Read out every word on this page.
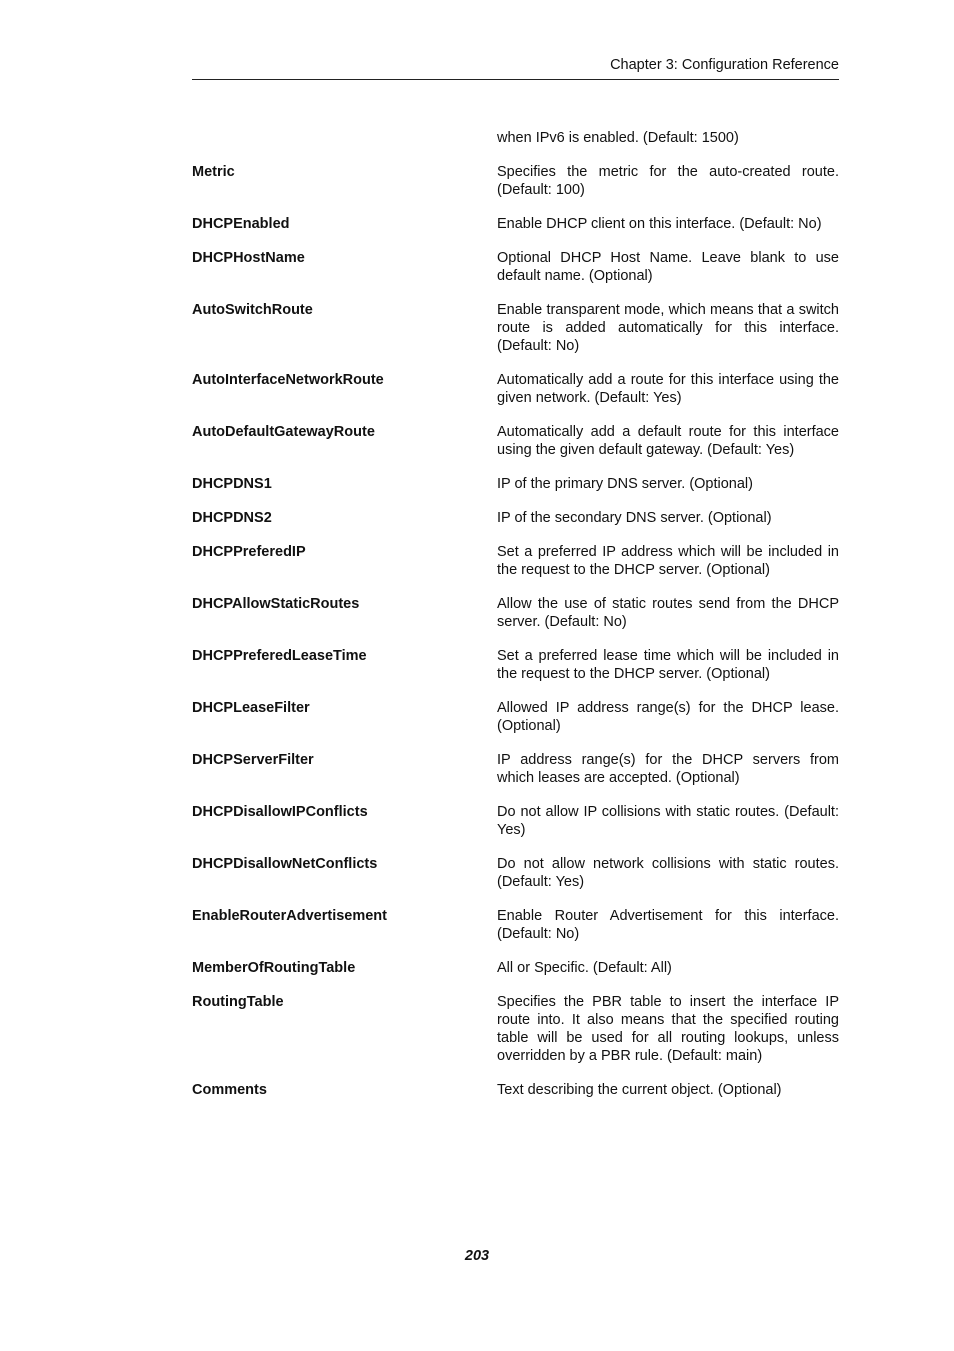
Chapter 3: Configuration Reference
when IPv6 is enabled. (Default: 1500)
Metric	Specifies the metric for the auto-created route. (Default: 100)
DHCPEnabled	Enable DHCP client on this interface. (Default: No)
DHCPHostName	Optional DHCP Host Name. Leave blank to use default name. (Optional)
AutoSwitchRoute	Enable transparent mode, which means that a switch route is added automatically for this interface. (Default: No)
AutoInterfaceNetworkRoute	Automatically add a route for this interface using the given network. (Default: Yes)
AutoDefaultGatewayRoute	Automatically add a default route for this interface using the given default gateway. (Default: Yes)
DHCPDNS1	IP of the primary DNS server. (Optional)
DHCPDNS2	IP of the secondary DNS server. (Optional)
DHCPPreferedIP	Set a preferred IP address which will be included in the request to the DHCP server. (Optional)
DHCPAllowStaticRoutes	Allow the use of static routes send from the DHCP server. (Default: No)
DHCPPreferedLeaseTime	Set a preferred lease time which will be included in the request to the DHCP server. (Optional)
DHCPLeaseFilter	Allowed IP address range(s) for the DHCP lease. (Optional)
DHCPServerFilter	IP address range(s) for the DHCP servers from which leases are accepted. (Optional)
DHCPDisallowIPConflicts	Do not allow IP collisions with static routes. (Default: Yes)
DHCPDisallowNetConflicts	Do not allow network collisions with static routes. (Default: Yes)
EnableRouterAdvertisement	Enable Router Advertisement for this interface. (Default: No)
MemberOfRoutingTable	All or Specific. (Default: All)
RoutingTable	Specifies the PBR table to insert the interface IP route into. It also means that the specified routing table will be used for all routing lookups, unless overridden by a PBR rule. (Default: main)
Comments	Text describing the current object. (Optional)
203
